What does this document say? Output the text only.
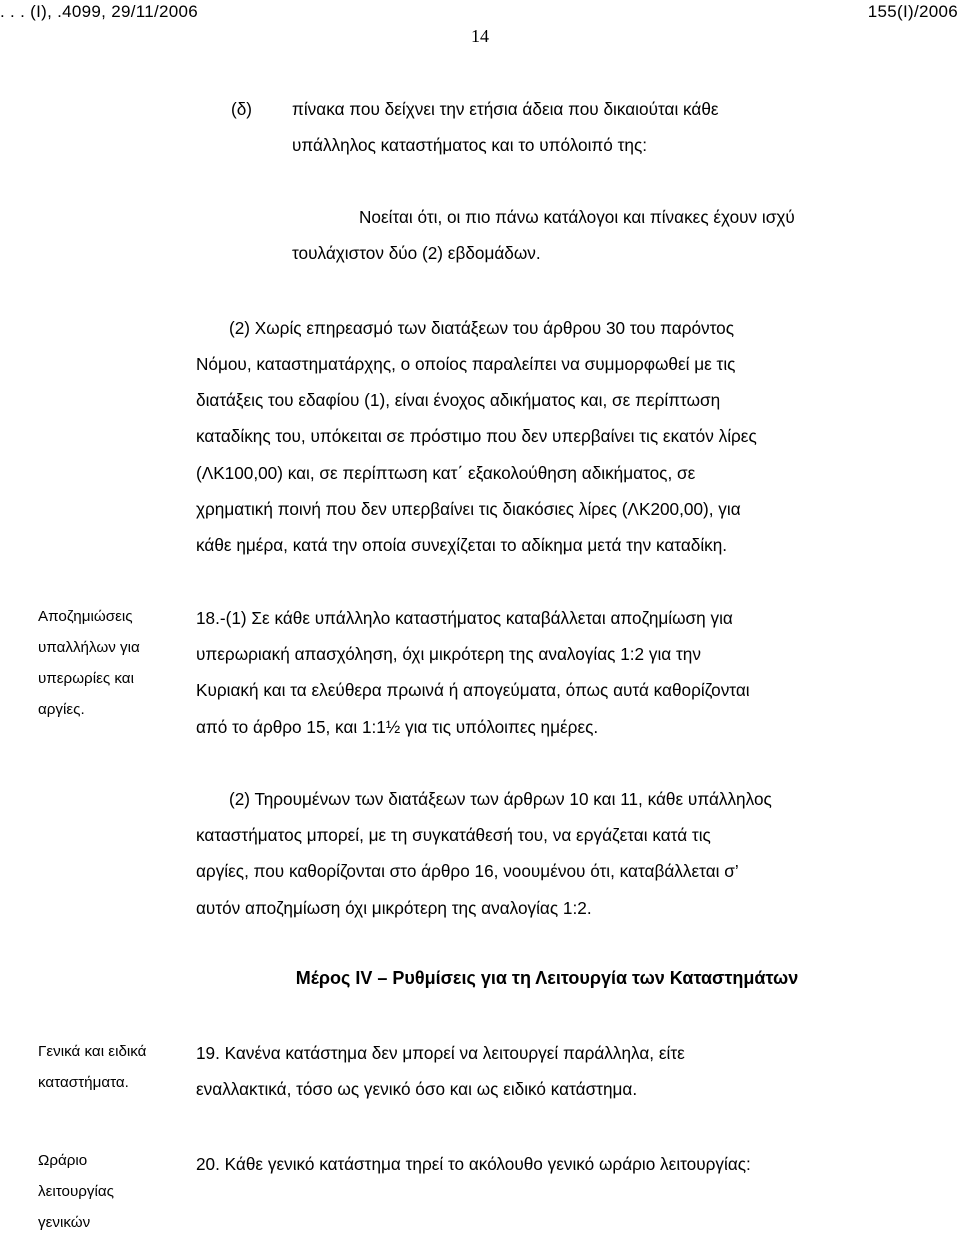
. . . (Ι), .4099, 29/11/2006	155(Ι)/2006
14
(δ) πίνακα που δείχνει την ετήσια άδεια που δικαιούται κάθε
υπάλληλος καταστήματος και το υπόλοιπό της:
Νοείται ότι, οι πιο πάνω κατάλογοι και πίνακες έχουν ισχύ
τουλάχιστον δύο (2) εβδομάδων.
(2) Χωρίς επηρεασμό των διατάξεων του άρθρου 30 του παρόντος
Νόμου, καταστηματάρχης, ο οποίος παραλείπει να συμμορφωθεί με τις
διατάξεις του εδαφίου (1), είναι ένοχος αδικήματος και, σε περίπτωση
καταδίκης του, υπόκειται σε πρόστιμο που δεν υπερβαίνει τις εκατόν λίρες
(ΛΚ100,00) και, σε περίπτωση κατ΄ εξακολούθηση αδικήματος, σε
χρηματική ποινή που δεν υπερβαίνει τις διακόσιες λίρες (ΛΚ200,00), για
κάθε ημέρα, κατά την οποία συνεχίζεται το αδίκημα μετά την καταδίκη.
Αποζημιώσεις
υπαλλήλων για
υπερωρίες και
αργίες.
18.-(1) Σε κάθε υπάλληλο καταστήματος καταβάλλεται αποζημίωση για
υπερωριακή απασχόληση, όχι μικρότερη της αναλογίας 1:2 για την
Κυριακή και τα ελεύθερα πρωινά ή απογεύματα, όπως αυτά καθορίζονται
από το άρθρο 15, και 1:1½ για τις υπόλοιπες ημέρες.
(2) Τηρουμένων των διατάξεων των άρθρων 10 και 11, κάθε υπάλληλος
καταστήματος μπορεί, με τη συγκατάθεσή του, να εργάζεται κατά τις
αργίες, που καθορίζονται στο άρθρο 16, νοουμένου ότι, καταβάλλεται σ’
αυτόν αποζημίωση όχι μικρότερη της αναλογίας 1:2.
Μέρος ΙV – Ρυθμίσεις για τη Λειτουργία των Καταστημάτων
Γενικά και ειδικά
καταστήματα.
19. Κανένα κατάστημα δεν μπορεί να λειτουργεί παράλληλα, είτε
εναλλακτικά, τόσο ως γενικό όσο και ως ειδικό κατάστημα.
Ωράριο
λειτουργίας
γενικών
20. Κάθε γενικό κατάστημα τηρεί το ακόλουθο γενικό ωράριο λειτουργίας:
